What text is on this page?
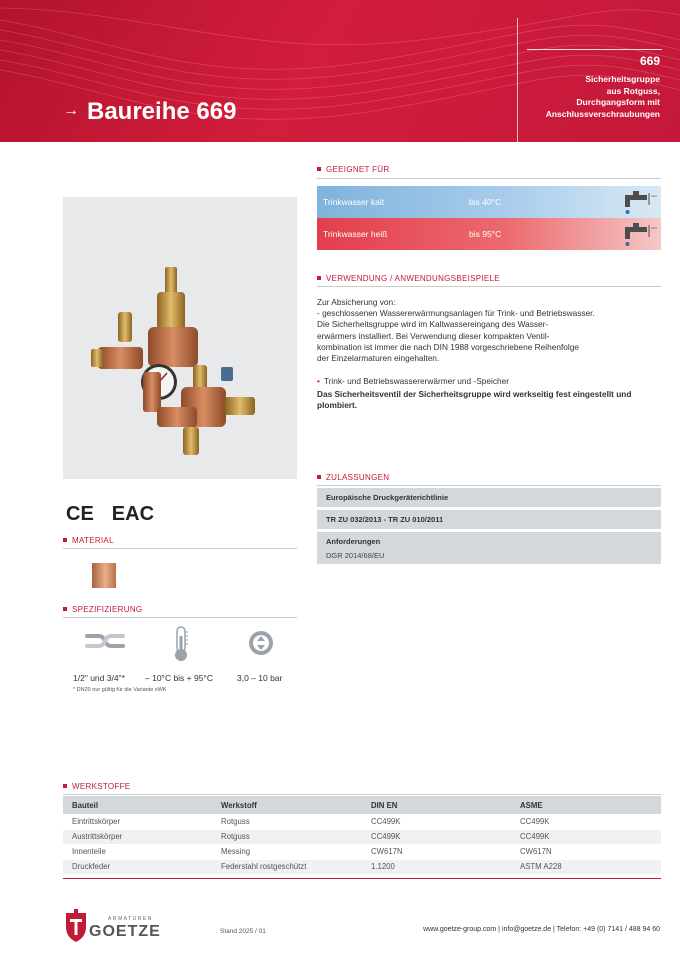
→ Baureihe 669
669
Sicherheitsgruppe
aus Rotguss,
Durchgangsform mit
Anschlussverschraubungen
CE EAC
MATERIAL
SPEZIFIZIERUNG
1/2" und 3/4"* – 10°C bis + 95°C	3,0 – 10 bar
* DN20 nur gültig für die Variante xWK
GEEIGNET FÜR
Trinkwasser kalt	bis 40°C
Trinkwasser heiß	bis 95°C
VERWENDUNG / ANWENDUNGSBEISPIELE

Zur Absicherung von:

- geschlossenen Wassererwärmungsanlagen für Trink- und Betriebswasser.

Die Sicherheitsgruppe wird im Kaltwassereingang des Wasser-

erwärmers installiert. Bei Verwendung dieser kompakten Ventil-

kombination ist immer die nach DIN 1988 vorgeschriebene Reihenfolge

der Einzelarmaturen eingehalten.

• Trink- und Betriebswassererwärmer und -Speicher
Das Sicherheitsventil der Sicherheitsgruppe wird werkseitig fest eingestellt und plombiert.
ZULASSUNGEN
Europäische Druckgeräterichtlinie
TR ZU 032/2013 - TR ZU 010/2011
Anforderungen
DGR 2014/68/EU
WERKSTOFFE
Bauteil	Werkstoff	DIN EN	ASME
Eintrittskörper	Rotguss	CC499K	CC499K
Austrittskörper	Rotguss	CC499K	CC499K
Innenteile	Messing	CW617N	CW617N
Druckfeder	Federstahl rostgeschützt	1.1200	ASTM A228
ARMATUREN
GOETZE	Stand 2025 / 01	www.goetze-group.com | info@goetze.de | Telefon: +49 (0) 7141 / 488 94 60
